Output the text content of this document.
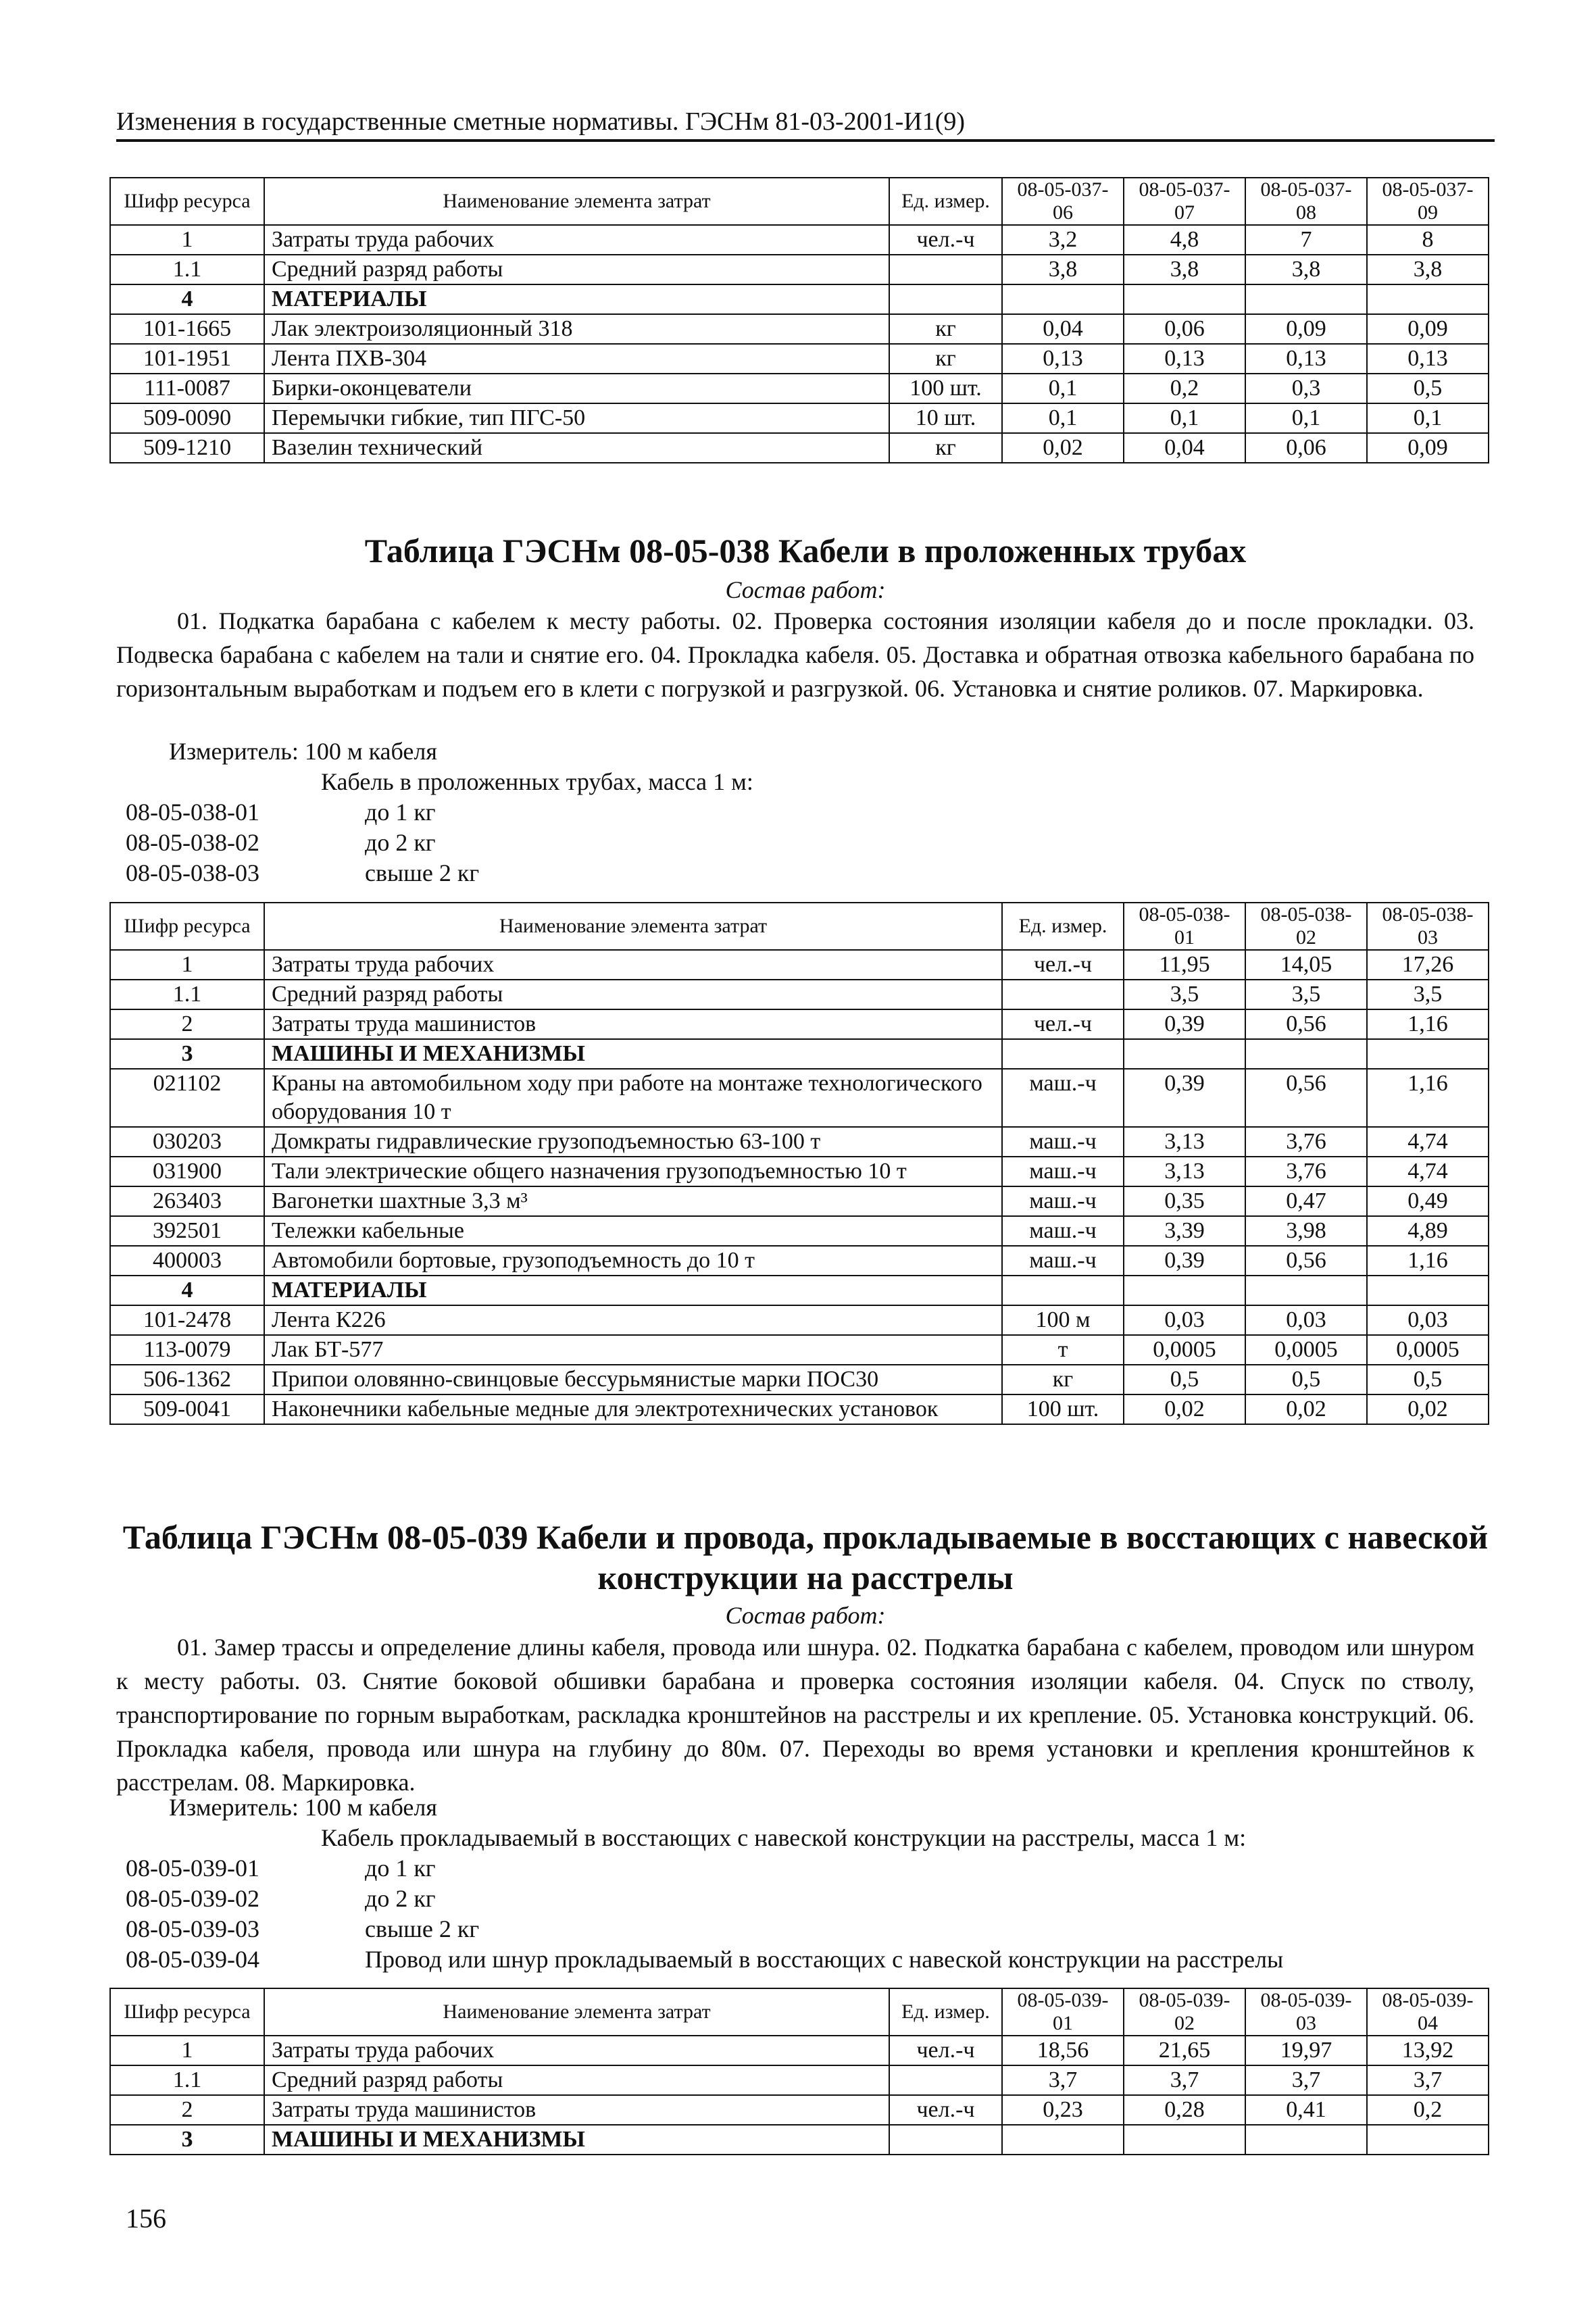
Изменения в государственные сметные нормативы. ГЭСНм 81-03-2001-И1(9)
Шифр ресурса	Наименование элемента затрат	Ед. измер.	08-05-037-06	08-05-037-07	08-05-037-08	08-05-037-09
1	Затраты труда рабочих	чел.-ч	3,2	4,8	7	8
1.1	Средний разряд работы		3,8	3,8	3,8	3,8
4	МАТЕРИАЛЫ					
101-1665	Лак электроизоляционный 318	кг	0,04	0,06	0,09	0,09
101-1951	Лента ПХВ-304	кг	0,13	0,13	0,13	0,13
111-0087	Бирки-оконцеватели	100 шт.	0,1	0,2	0,3	0,5
509-0090	Перемычки гибкие, тип ПГС-50	10 шт.	0,1	0,1	0,1	0,1
509-1210	Вазелин технический	кг	0,02	0,04	0,06	0,09
Таблица ГЭСНм 08-05-038 Кабели в проложенных трубах
Состав работ:
01. Подкатка барабана с кабелем к месту работы. 02. Проверка состояния изоляции кабеля до и после прокладки. 03. Подвеска барабана с кабелем на тали и снятие его. 04. Прокладка кабеля. 05. Доставка и обратная отвозка кабельного барабана по горизонтальным выработкам и подъем его в клети с погрузкой и разгрузкой. 06. Установка и снятие роликов. 07. Маркировка.
Измеритель: 100 м кабеля
Кабель в проложенных трубах, масса 1 м:
08-05-038-01	до 1 кг
08-05-038-02	до 2 кг
08-05-038-03	свыше 2 кг
Шифр ресурса	Наименование элемента затрат	Ед. измер.	08-05-038-01	08-05-038-02	08-05-038-03
1	Затраты труда рабочих	чел.-ч	11,95	14,05	17,26
1.1	Средний разряд работы		3,5	3,5	3,5
2	Затраты труда машинистов	чел.-ч	0,39	0,56	1,16
3	МАШИНЫ И МЕХАНИЗМЫ				
021102	Краны на автомобильном ходу при работе на монтаже технологического оборудования 10 т	маш.-ч	0,39	0,56	1,16
030203	Домкраты гидравлические грузоподъемностью 63-100 т	маш.-ч	3,13	3,76	4,74
031900	Тали электрические общего назначения грузоподъемностью 10 т	маш.-ч	3,13	3,76	4,74
263403	Вагонетки шахтные 3,3 м³	маш.-ч	0,35	0,47	0,49
392501	Тележки кабельные	маш.-ч	3,39	3,98	4,89
400003	Автомобили бортовые, грузоподъемность до 10 т	маш.-ч	0,39	0,56	1,16
4	МАТЕРИАЛЫ				
101-2478	Лента К226	100 м	0,03	0,03	0,03
113-0079	Лак БТ-577	т	0,0005	0,0005	0,0005
506-1362	Припои оловянно-свинцовые бессурьмянистые марки ПОС30	кг	0,5	0,5	0,5
509-0041	Наконечники кабельные медные для электротехнических установок	100 шт.	0,02	0,02	0,02
Таблица ГЭСНм 08-05-039 Кабели и провода, прокладываемые в восстающих с навеской конструкции на расстрелы
Состав работ:
01. Замер трассы и определение длины кабеля, провода или шнура. 02. Подкатка барабана с кабелем, проводом или шнуром к месту работы. 03. Снятие боковой обшивки барабана и проверка состояния изоляции кабеля. 04. Спуск по стволу, транспортирование по горным выработкам, раскладка кронштейнов на расстрелы и их крепление. 05. Установка конструкций. 06. Прокладка кабеля, провода или шнура на глубину до 80м. 07. Переходы во время установки и крепления кронштейнов к расстрелам. 08. Маркировка.
Измеритель: 100 м кабеля
Кабель прокладываемый в восстающих с навеской конструкции на расстрелы, масса 1 м:
08-05-039-01	до 1 кг
08-05-039-02	до 2 кг
08-05-039-03	свыше 2 кг
08-05-039-04	Провод или шнур прокладываемый в восстающих с навеской конструкции на расстрелы
Шифр ресурса	Наименование элемента затрат	Ед. измер.	08-05-039-01	08-05-039-02	08-05-039-03	08-05-039-04
1	Затраты труда рабочих	чел.-ч	18,56	21,65	19,97	13,92
1.1	Средний разряд работы		3,7	3,7	3,7	3,7
2	Затраты труда машинистов	чел.-ч	0,23	0,28	0,41	0,2
3	МАШИНЫ И МЕХАНИЗМЫ					
156
